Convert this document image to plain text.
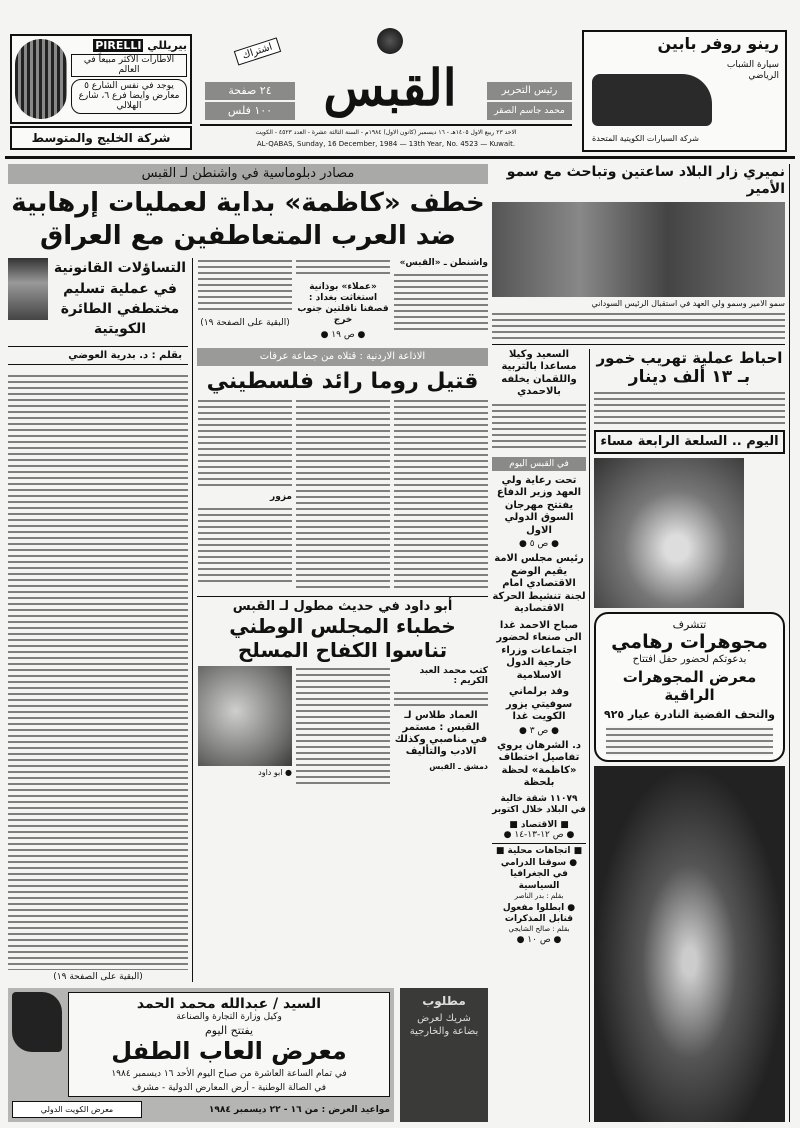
بيريللي PIRELLI
الاطارات الاكثر مبيعاً في العالم
يوجد في نفس الشارع ٥ معارض وايضا فرع ٦، شارع الهلالي
شركة الخليج والمتوسط
٢٤ صفحة
١٠٠ فلس
اشتراك
القبس	رئيس التحرير
محمد جاسم الصقر
رينو روفر بابين
سيارة الشباب الرياضي
شركة السيارات الكويتية المتحدة
الاحد ٢٣ ربيع الاول ١٤٠٥هـ - ١٦ ديسمبر (كانون الاول) ١٩٨٤م - السنة الثالثة عشرة - العدد ٤٥٢٣ - الكويت
AL-QABAS, Sunday, 16 December, 1984 — 13th Year, No. 4523 — Kuwait.
مصادر دبلوماسية في واشنطن لـ القبس
خطف «كاظمة» بداية لعمليات إرهابية
ضد العرب المتعاطفين مع العراق
واشنطن ـ «القبس»
«عملاء» بوذانية استغاثت بغداد : قصفنا ناقلتين جنوب خرج
● ص ١٩ ●
(البقية على الصفحة ١٩)
الاذاعة الاردنية : قتلاه من جماعة عرفات
قتيل روما رائد فلسطيني
مزور
أبو داود في حديث مطول لـ القبس
خطباء المجلس الوطني
تناسوا الكفاح المسلح
كتب محمد العبد الكريم :
العماد طلاس لـ القبس : مستمر في مناصبي وكذلك الادب والتأليف
دمشق ـ القبس
● ابو داود
التساؤلات القانونية في عملية تسليم مختطفي الطائرة الكويتية
بقلم : د. بدرية العوضي
(البقية على الصفحة ١٩)
السيد / عبدالله محمد الحمد
وكيل وزارة التجارة والصناعة
يفتتح اليوم
معرض العاب الطفل
في تمام الساعة العاشرة من صباح اليوم الأحد ١٦ ديسمبر ١٩٨٤
في الصالة الوطنية - أرض المعارض الدولية - مشرف
معرض الكويت الدولي	مواعيد العرض : من ١٦ - ٢٢ ديسمبر ١٩٨٤
مطلوب
شريك لعرض بضاعة والخارجية
نميري زار البلاد ساعتين وتباحث مع سمو الأمير
سمو الامير وسمو ولي العهد في استقبال الرئيس السوداني
احباط عملية تهريب خمور
بـ ١٣ ألف دينار
اليوم .. السلعة الرابعة مساء
تتشرف
مجوهرات رهامي
بدعوتكم لحضور حفل افتتاح
معرض المجوهرات الراقية
والتحف الفضية النادرة عيار ٩٢٥
السعيد وكيلا مساعدا بالتربية واللقمان يخلفه بالاحمدي
في القبس اليوم
تحت رعاية ولي العهد وزير الدفاع يفتتح مهرجان السوق الدولي الاول
● ص ٥ ●
رئيس مجلس الامة يقيم الوضع الاقتصادي امام لجنة تنشيط الحركة الاقتصادية
صباح الاحمد غدا الى صنعاء لحضور اجتماعات وزراء خارجية الدول الاسلامية
وفد برلماني سوفيتي يزور الكويت غدا
● ص ٣ ●
د. الشرهان يروي تفاصيل اختطاف «كاظمة» لحظة بلحظة
١١٠٧٩ شقة خالية في البلاد خلال اكتوبر
■ الاقتصاد ■
● ص ١٢-١٣-١٤ ●
■ اتجاهات محلية ■
● سوقنا الدرامي في الجغرافيا السياسية
بقلم : بدر الناصر
● ابطلوا مفعول قنابل المذكرات
بقلم : صالح الشايجي
● ص ١٠ ●
